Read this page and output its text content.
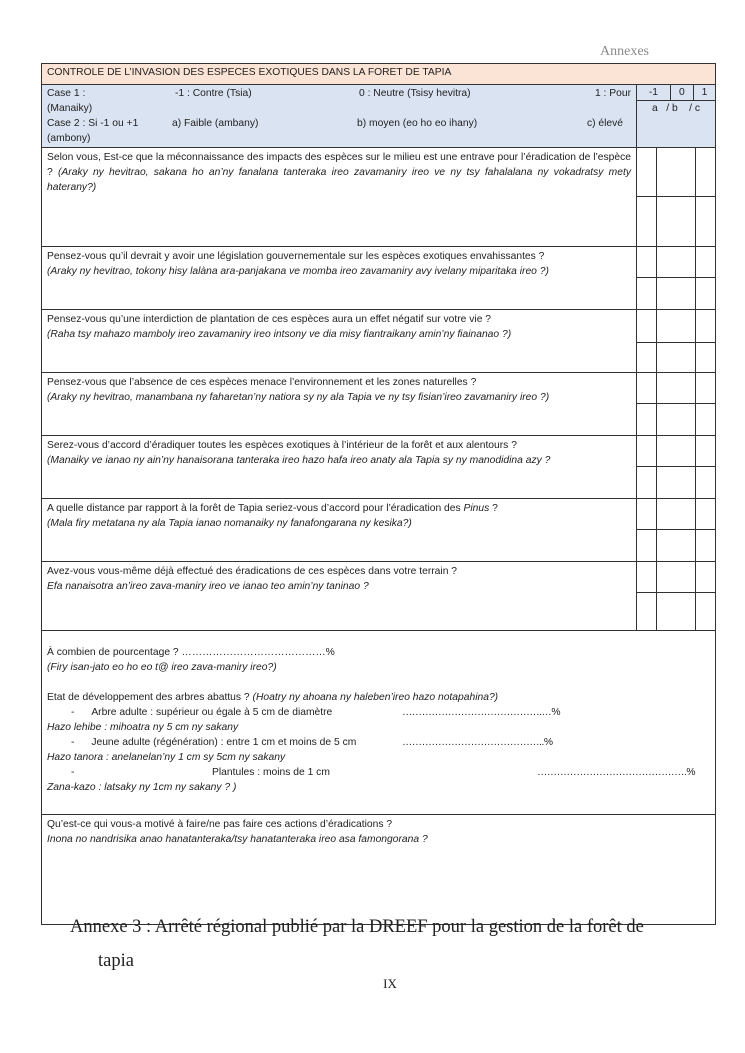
Annexes
CONTROLE DE L’INVASION DES ESPECES EXOTIQUES DANS LA FORET DE TAPIA

Case 1 :	-1 : Contre (Tsia)	0 : Neutre (Tsisy hevitra)	1 : Pour
(Manaiky)
Case 2 : Si -1 ou +1	a) Faible (ambany)	b) moyen (eo ho eo ihany)	c) élevé
(ambony)

-1	0	1
a   / b    / c

Selon vous, Est-ce que la méconnaissance des impacts des espèces sur le milieu est une entrave pour l’éradication de l’espèce ? (Araky ny hevitrao, sakana ho an’ny fanalana tanteraka ireo zavamaniry ireo ve ny tsy fahalalana ny vokadratsy mety haterany?)

Pensez-vous qu’il devrait y avoir une législation gouvernementale sur les espèces exotiques envahissantes ?

(Araky ny hevitrao, tokony hisy lalàna ara-panjakana ve momba ireo zavamaniry avy ivelany miparitaka ireo ?)

Pensez-vous qu’une interdiction de plantation de ces espèces aura un effet négatif sur votre vie ?

(Raha tsy mahazo mamboly ireo zavamaniry ireo intsony ve dia misy fiantraikany amin’ny fiainanao ?)

Pensez-vous que l’absence de ces espèces menace l’environnement et les zones naturelles ?

(Araky ny hevitrao, manambana ny faharetan’ny natiora sy ny ala Tapia ve ny tsy fisian’ireo zavamaniry ireo ?)

Serez-vous d’accord d’éradiquer toutes les espèces exotiques à l’intérieur de la forêt et aux alentours ?

(Manaiky ve ianao ny ain’ny hanaisorana tanteraka ireo hazo hafa ireo anaty ala Tapia sy ny manodidina azy ?

A quelle distance par rapport à la forêt de Tapia seriez-vous d’accord pour l’éradication des Pinus ?

(Mala firy metatana ny ala Tapia ianao nomanaiky ny fanafongarana ny kesika?)

Avez-vous vous-même déjà effectué des éradications de ces espèces dans votre terrain ?

Efa nanaisotra an’ireo zava-maniry ireo ve ianao teo amin’ny taninao ?

À combien de pourcentage ? ……………………………………%

(Firy isan-jato eo ho eo t@ ireo zava-maniry ireo?)

Etat de développement des arbres abattus ? (Hoatry ny ahoana ny haleben’ireo hazo notapahina?)

- Arbre adulte : supérieur ou égale à 5 cm de diamètre	…………………………………….…%

Hazo lehibe : mihoatra ny 5 cm ny sakany

- Jeune adulte (régénération) : entre 1 cm et moins de 5 cm	……………………………………..%

Hazo tanora : anelanelan’ny 1 cm sy 5cm ny sakany

-	Plantules : moins de 1 cm	……………………………………….%

Zana-kazo : latsaky ny 1cm ny sakany ? )

Qu’est-ce qui vous-a motivé à faire/ne pas faire ces actions d’éradications ?

Inona no nandrisika anao hanatanteraka/tsy hanatanteraka ireo asa famongorana ?

Annexe 3 : Arrêté régional publié par la DREEF pour la gestion de la forêt de
tapia
IX
